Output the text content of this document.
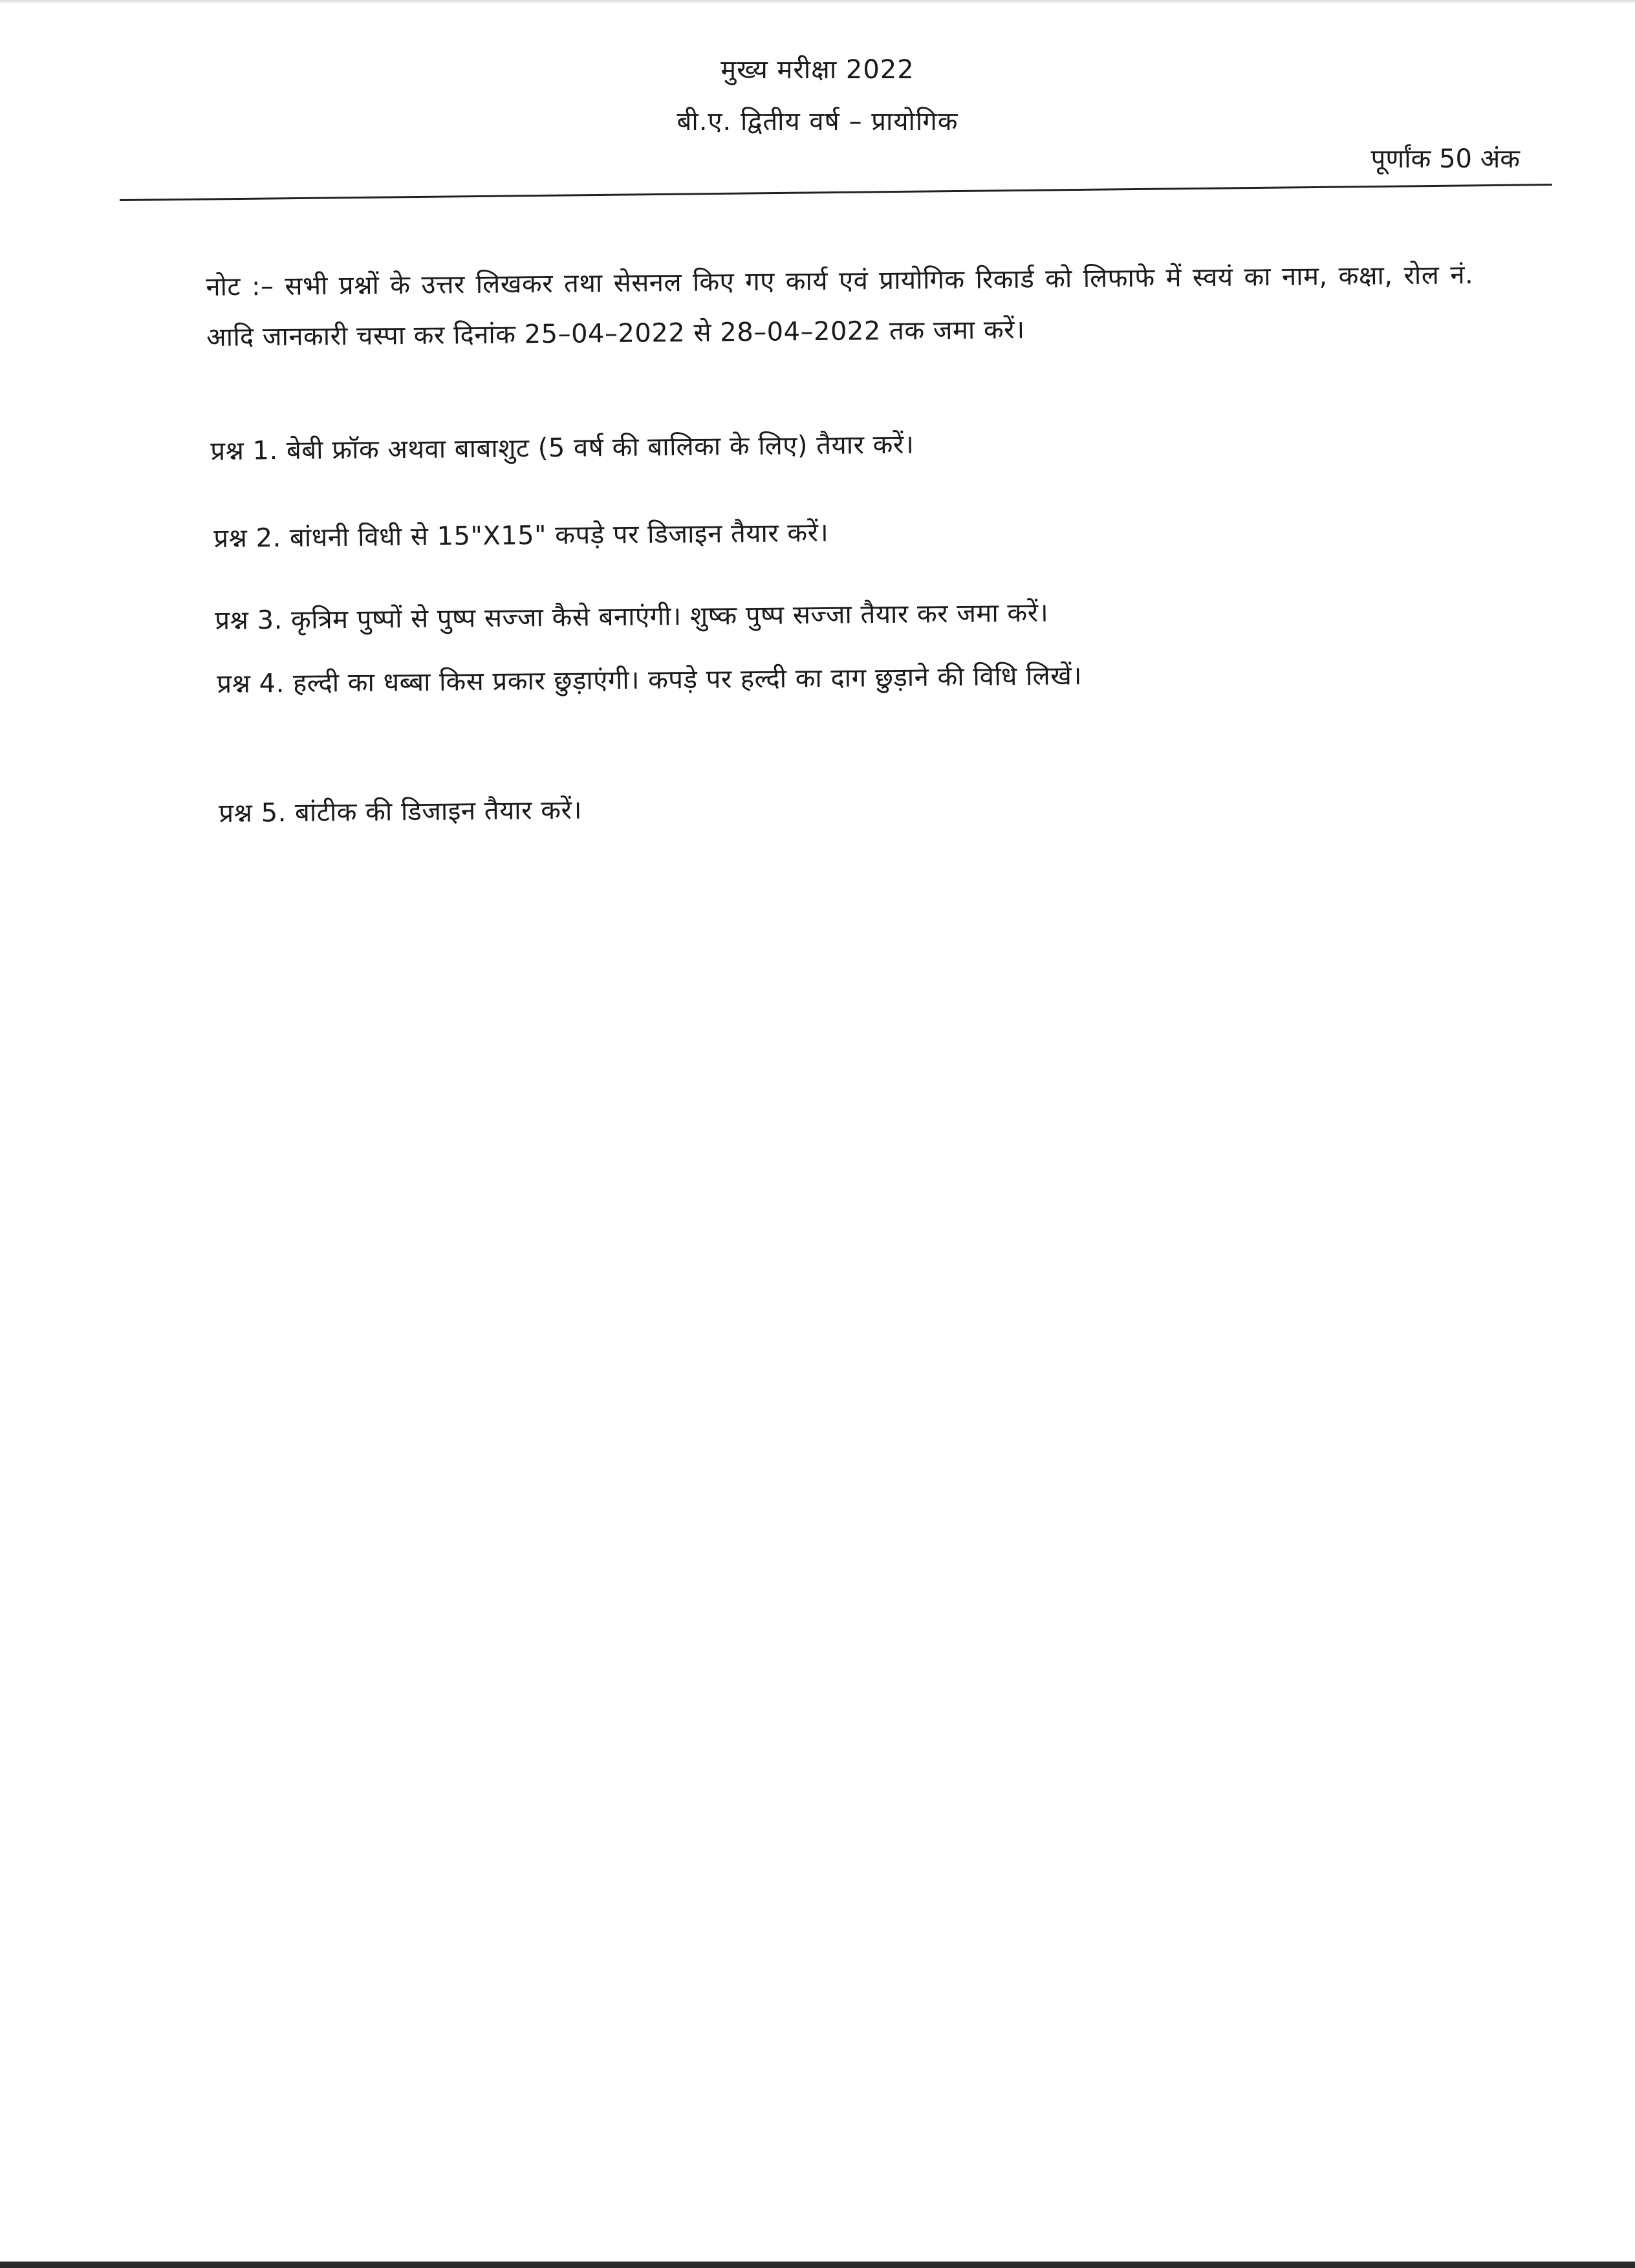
मुख्य मरीक्षा 2022
बी.ए. द्वितीय वर्ष – प्रायोगिक
पूर्णांक 50 अंक
नोट :– सभी प्रश्नों के उत्तर लिखकर तथा सेसनल किए गए कार्य एवं प्रायोगिक रिकार्ड को लिफाफे में स्वयं का नाम, कक्षा, रोल नं. आदि जानकारी चस्पा कर दिनांक 25–04–2022 से 28–04–2022 तक जमा करें।
प्रश्न 1. बेबी फ्रॉक अथवा बाबाशुट (5 वर्ष की बालिका के लिए) तैयार करें।
प्रश्न 2. बांधनी विधी से 15"X15" कपड़े पर डिजाइन तैयार करें।
प्रश्न 3. कृत्रिम पुष्पों से पुष्प सज्जा कैसे बनाएंगी। शुष्क पुष्प सज्जा तैयार कर जमा करें।
प्रश्न 4. हल्दी का धब्बा किस प्रकार छुड़ाएंगी। कपड़े पर हल्दी का दाग छुड़ाने की विधि लिखें।
प्रश्न 5. बांटीक की डिजाइन तैयार करें।
